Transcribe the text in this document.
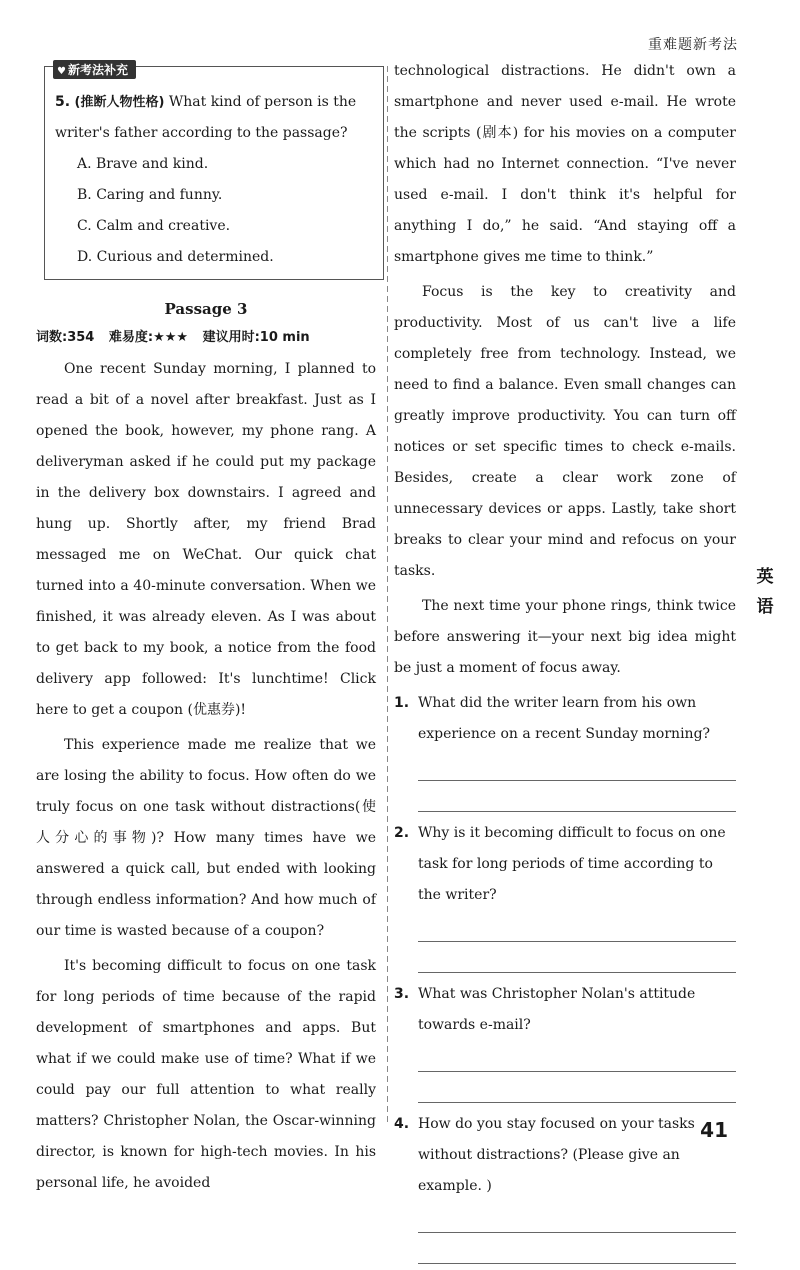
重难题新考法
♥ 新考法补充
5. (推断人物性格) What kind of person is the writer's father according to the passage?
A. Brave and kind.
B. Caring and funny.
C. Calm and creative.
D. Curious and determined.
Passage 3
词数:354 难易度:★★★ 建议用时:10 min

One recent Sunday morning, I planned to read a bit of a novel after breakfast. Just as I opened the book, however, my phone rang. A deliveryman asked if he could put my package in the delivery box downstairs. I agreed and hung up. Shortly after, my friend Brad messaged me on WeChat. Our quick chat turned into a 40-minute conversation. When we finished, it was already eleven. As I was about to get back to my book, a notice from the food delivery app followed: It's lunchtime! Click here to get a coupon (优惠券)!

This experience made me realize that we are losing the ability to focus. How often do we truly focus on one task without distractions(使人分心的事物)? How many times have we answered a quick call, but ended with looking through endless information? And how much of our time is wasted because of a coupon?

It's becoming difficult to focus on one task for long periods of time because of the rapid development of smartphones and apps. But what if we could make use of time? What if we could pay our full attention to what really matters? Christopher Nolan, the Oscar-winning director, is known for high-tech movies. In his personal life, he avoided

technological distractions. He didn't own a smartphone and never used e-mail. He wrote the scripts (剧本) for his movies on a computer which had no Internet connection. “I've never used e-mail. I don't think it's helpful for anything I do,” he said. “And staying off a smartphone gives me time to think.”

Focus is the key to creativity and productivity. Most of us can't live a life completely free from technology. Instead, we need to find a balance. Even small changes can greatly improve productivity. You can turn off notices or set specific times to check e-mails. Besides, create a clear work zone of unnecessary devices or apps. Lastly, take short breaks to clear your mind and refocus on your tasks.

The next time your phone rings, think twice before answering it—your next big idea might be just a moment of focus away.

1. What did the writer learn from his own experience on a recent Sunday morning?
2. Why is it becoming difficult to focus on one task for long periods of time according to the writer?
3. What was Christopher Nolan's attitude towards e-mail?
4. How do you stay focused on your tasks without distractions? (Please give an example. )
英
语
41
